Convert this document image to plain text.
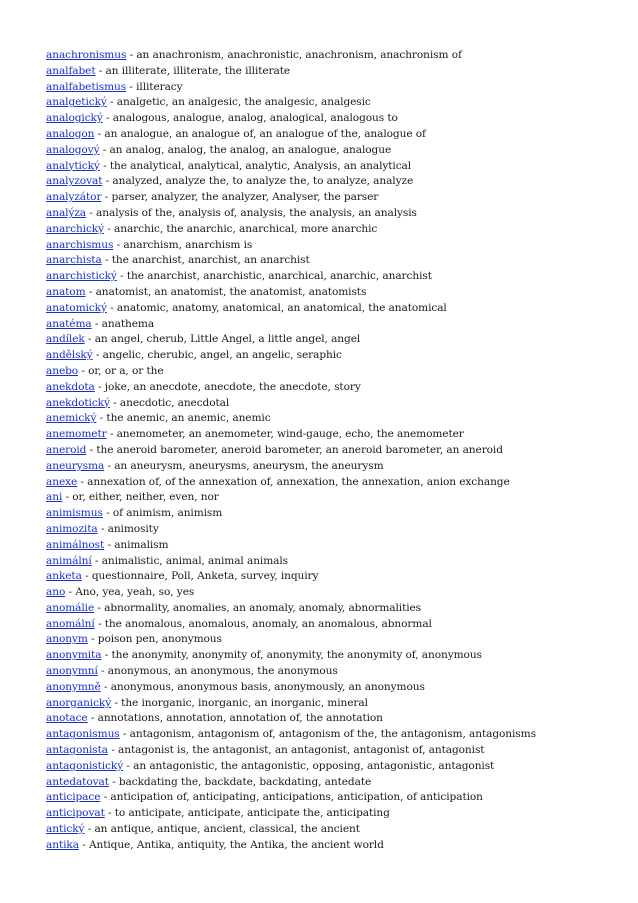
anachronismus - an anachronism, anachronistic, anachronism, anachronism of
analfabet - an illiterate, illiterate, the illiterate
analfabetismus - illiteracy
analgetický - analgetic, an analgesic, the analgesic, analgesic
analogický - analogous, analogue, analog, analogical, analogous to
analogon - an analogue, an analogue of, an analogue of the, analogue of
analogový - an analog, analog, the analog, an analogue, analogue
analytický - the analytical, analytical, analytic, Analysis, an analytical
analyzovat - analyzed, analyze the, to analyze the, to analyze, analyze
analyzátor - parser, analyzer, the analyzer, Analyser, the parser
analýza - analysis of the, analysis of, analysis, the analysis, an analysis
anarchický - anarchic, the anarchic, anarchical, more anarchic
anarchismus - anarchism, anarchism is
anarchista - the anarchist, anarchist, an anarchist
anarchistický - the anarchist, anarchistic, anarchical, anarchic, anarchist
anatom - anatomist, an anatomist, the anatomist, anatomists
anatomický - anatomic, anatomy, anatomical, an anatomical, the anatomical
anatéma - anathema
andílek - an angel, cherub, Little Angel, a little angel, angel
andělský - angelic, cherubic, angel, an angelic, seraphic
anebo - or, or a, or the
anekdota - joke, an anecdote, anecdote, the anecdote, story
anekdotický - anecdotic, anecdotal
anemický - the anemic, an anemic, anemic
anemometr - anemometer, an anemometer, wind-gauge, echo, the anemometer
aneroid - the aneroid barometer, aneroid barometer, an aneroid barometer, an aneroid
aneurysma - an aneurysm, aneurysms, aneurysm, the aneurysm
anexe - annexation of, of the annexation of, annexation, the annexation, anion exchange
ani - or, either, neither, even, nor
animismus - of animism, animism
animozita - animosity
animálnost - animalism
animální - animalistic, animal, animal animals
anketa - questionnaire, Poll, Anketa, survey, inquiry
ano - Ano, yea, yeah, so, yes
anomálie - abnormality, anomalies, an anomaly, anomaly, abnormalities
anomální - the anomalous, anomalous, anomaly, an anomalous, abnormal
anonym - poison pen, anonymous
anonymita - the anonymity, anonymity of, anonymity, the anonymity of, anonymous
anonymní - anonymous, an anonymous, the anonymous
anonymně - anonymous, anonymous basis, anonymously, an anonymous
anorganický - the inorganic, inorganic, an inorganic, mineral
anotace - annotations, annotation, annotation of, the annotation
antagonismus - antagonism, antagonism of, antagonism of the, the antagonism, antagonisms
antagonista - antagonist is, the antagonist, an antagonist, antagonist of, antagonist
antagonistický - an antagonistic, the antagonistic, opposing, antagonistic, antagonist
antedatovat - backdating the, backdate, backdating, antedate
anticipace - anticipation of, anticipating, anticipations, anticipation, of anticipation
anticipovat - to anticipate, anticipate, anticipate the, anticipating
antický - an antique, antique, ancient, classical, the ancient
antika - Antique, Antika, antiquity, the Antika, the ancient world
